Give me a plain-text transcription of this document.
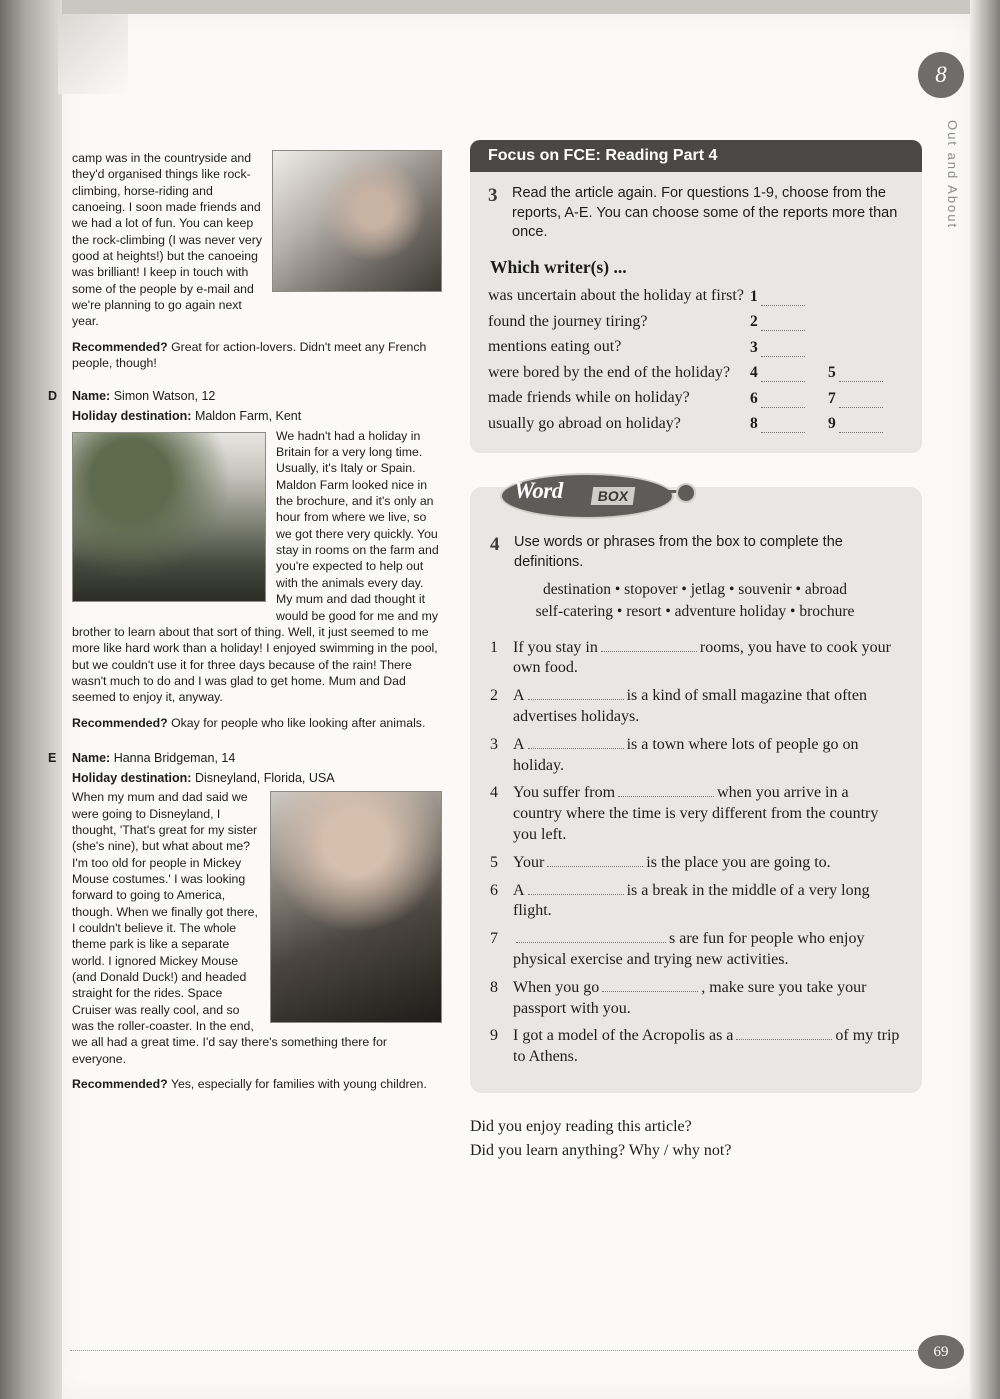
8
Out and About
69

camp was in the countryside and they'd organised things like rock-climbing, horse-riding and canoeing. I soon made friends and we had a lot of fun. You can keep the rock-climbing (I was never very good at heights!) but the canoeing was brilliant! I keep in touch with some of the people by e-mail and we're planning to go again next year.

Recommended? Great for action-lovers. Didn't meet any French people, though!

D Name: Simon Watson, 12
Holiday destination: Maldon Farm, Kent

We hadn't had a holiday in Britain for a very long time. Usually, it's Italy or Spain. Maldon Farm looked nice in the brochure, and it's only an hour from where we live, so we got there very quickly. You stay in rooms on the farm and you're expected to help out with the animals every day. My mum and dad thought it would be good for me and my brother to learn about that sort of thing. Well, it just seemed to me more like hard work than a holiday! I enjoyed swimming in the pool, but we couldn't use it for three days because of the rain! There wasn't much to do and I was glad to get home. Mum and Dad seemed to enjoy it, anyway.

Recommended? Okay for people who like looking after animals.

E Name: Hanna Bridgeman, 14
Holiday destination: Disneyland, Florida, USA

When my mum and dad said we were going to Disneyland, I thought, 'That's great for my sister (she's nine), but what about me? I'm too old for people in Mickey Mouse costumes.' I was looking forward to going to America, though. When we finally got there, I couldn't believe it. The whole theme park is like a separate world. I ignored Mickey Mouse (and Donald Duck!) and headed straight for the rides. Space Cruiser was really cool, and so was the roller-coaster. In the end, we all had a great time. I'd say there's something there for everyone.

Recommended? Yes, especially for families with young children.

Focus on FCE: Reading Part 4
3	Read the article again. For questions 1-9, choose from the reports, A-E. You can choose some of the reports more than once.
Which writer(s) ...
was uncertain about the holiday at first? 1
found the journey tiring?	2
mentions eating out?	3
were bored by the end of the holiday?	4	5
made friends while on holiday?	6	7
usually go abroad on holiday?	8	9
Word	BOX
4	Use words or phrases from the box to complete the definitions.
destination • stopover • jetlag • souvenir • abroad
self-catering • resort • adventure holiday • brochure
1 If you stay in	rooms, you have to cook your own food.
2 A	is a kind of small magazine that often advertises holidays.
3 A	is a town where lots of people go on holiday.
4 You suffer from	when you arrive in a country where the time is very different from the country you left.
5 Your	is the place you are going to.
6 A	is a break in the middle of a very long flight.
7	s are fun for people who enjoy physical exercise and trying new activities.
8 When you go	, make sure you take your passport with you.
9 I got a model of the Acropolis as a	of my trip to Athens.
Did you enjoy reading this article?
Did you learn anything? Why / why not?
